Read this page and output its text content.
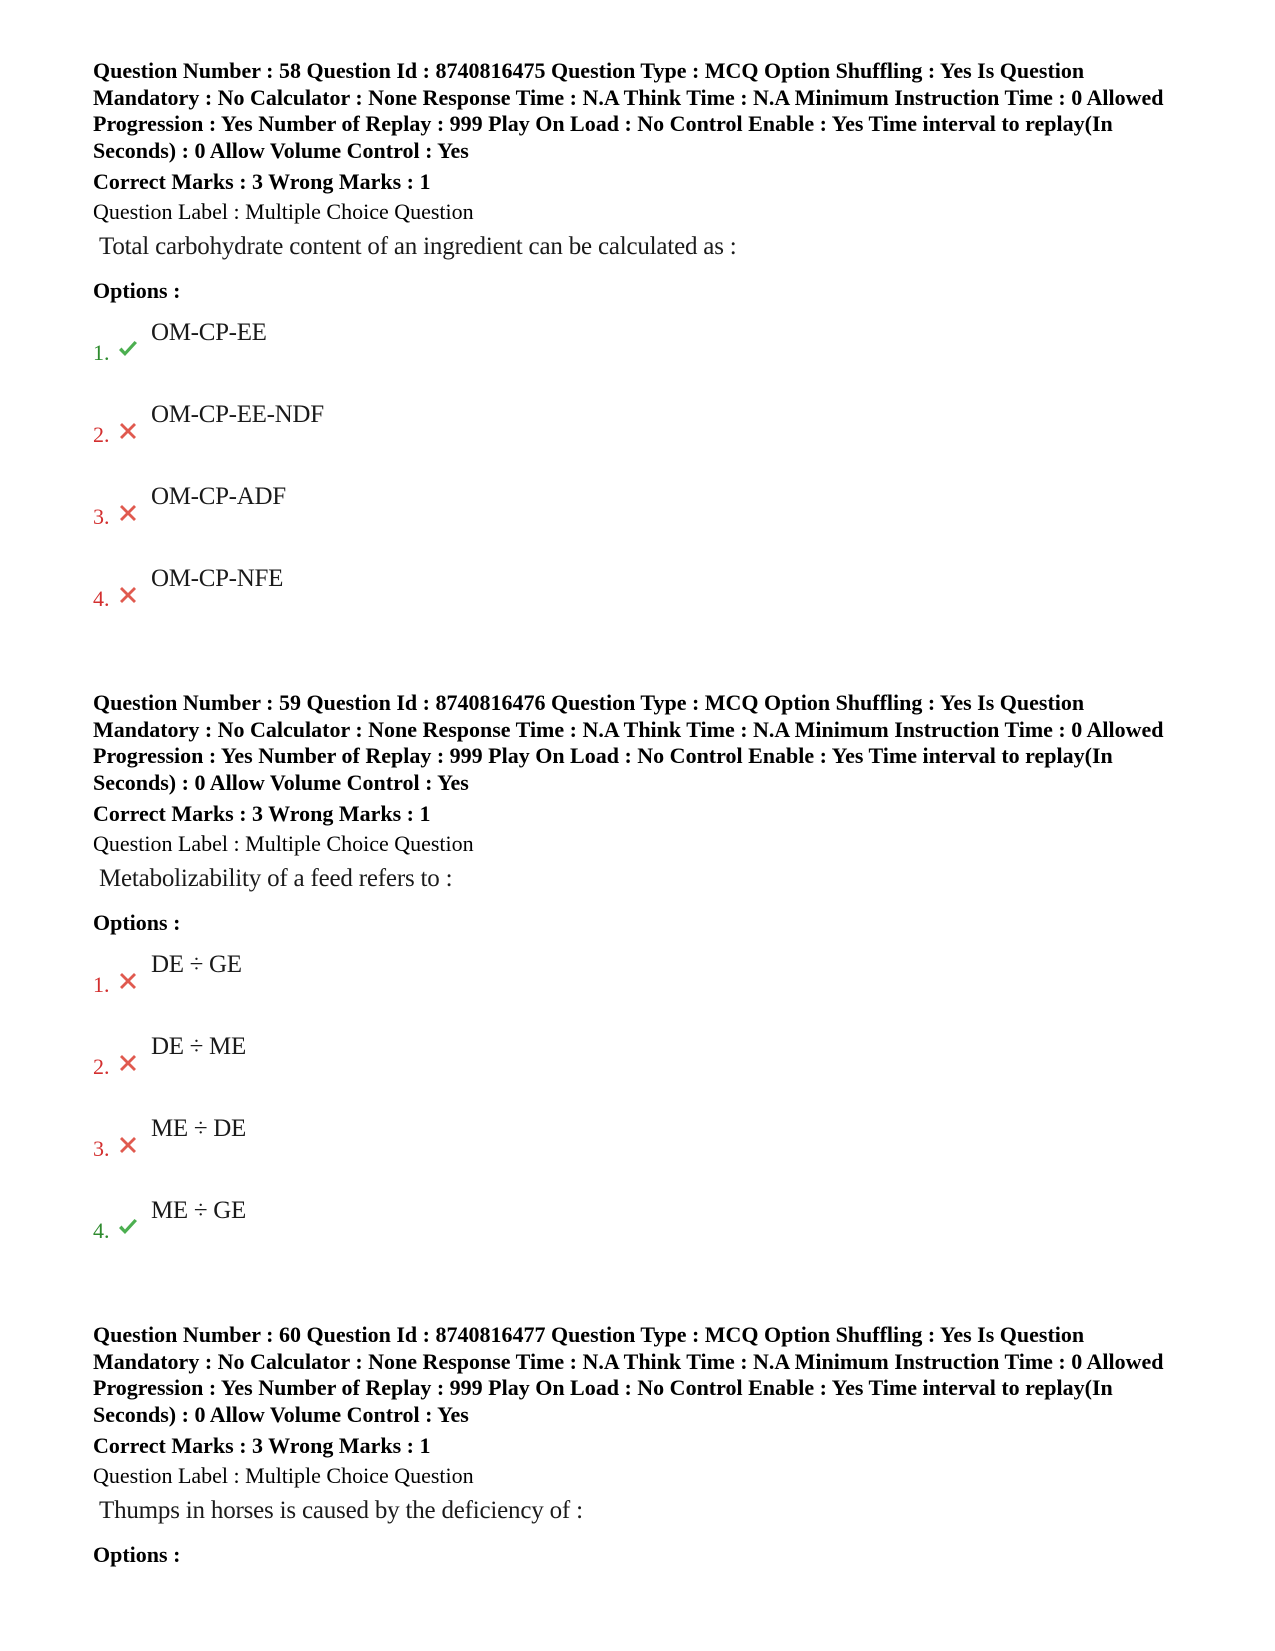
Question Number : 58 Question Id : 8740816475 Question Type : MCQ Option Shuffling : Yes Is Question Mandatory : No Calculator : None Response Time : N.A Think Time : N.A Minimum Instruction Time : 0 Allowed Progression : Yes Number of Replay : 999 Play On Load : No Control Enable : Yes Time interval to replay(In Seconds) : 0 Allow Volume Control : Yes

Correct Marks : 3 Wrong Marks : 1
Question Label : Multiple Choice Question
Total carbohydrate content of an ingredient can be calculated as :
Options :
1.
OM-CP-EE
2.
OM-CP-EE-NDF
3.
OM-CP-ADF
4.
OM-CP-NFE

Question Number : 59 Question Id : 8740816476 Question Type : MCQ Option Shuffling : Yes Is Question Mandatory : No Calculator : None Response Time : N.A Think Time : N.A Minimum Instruction Time : 0 Allowed Progression : Yes Number of Replay : 999 Play On Load : No Control Enable : Yes Time interval to replay(In Seconds) : 0 Allow Volume Control : Yes

Correct Marks : 3 Wrong Marks : 1
Question Label : Multiple Choice Question
Metabolizability of a feed refers to :
Options :
1.
DE ÷ GE
2.
DE ÷ ME
3.
ME ÷ DE
4.
ME ÷ GE

Question Number : 60 Question Id : 8740816477 Question Type : MCQ Option Shuffling : Yes Is Question Mandatory : No Calculator : None Response Time : N.A Think Time : N.A Minimum Instruction Time : 0 Allowed Progression : Yes Number of Replay : 999 Play On Load : No Control Enable : Yes Time interval to replay(In Seconds) : 0 Allow Volume Control : Yes

Correct Marks : 3 Wrong Marks : 1
Question Label : Multiple Choice Question
Thumps in horses is caused by the deficiency of :
Options :
